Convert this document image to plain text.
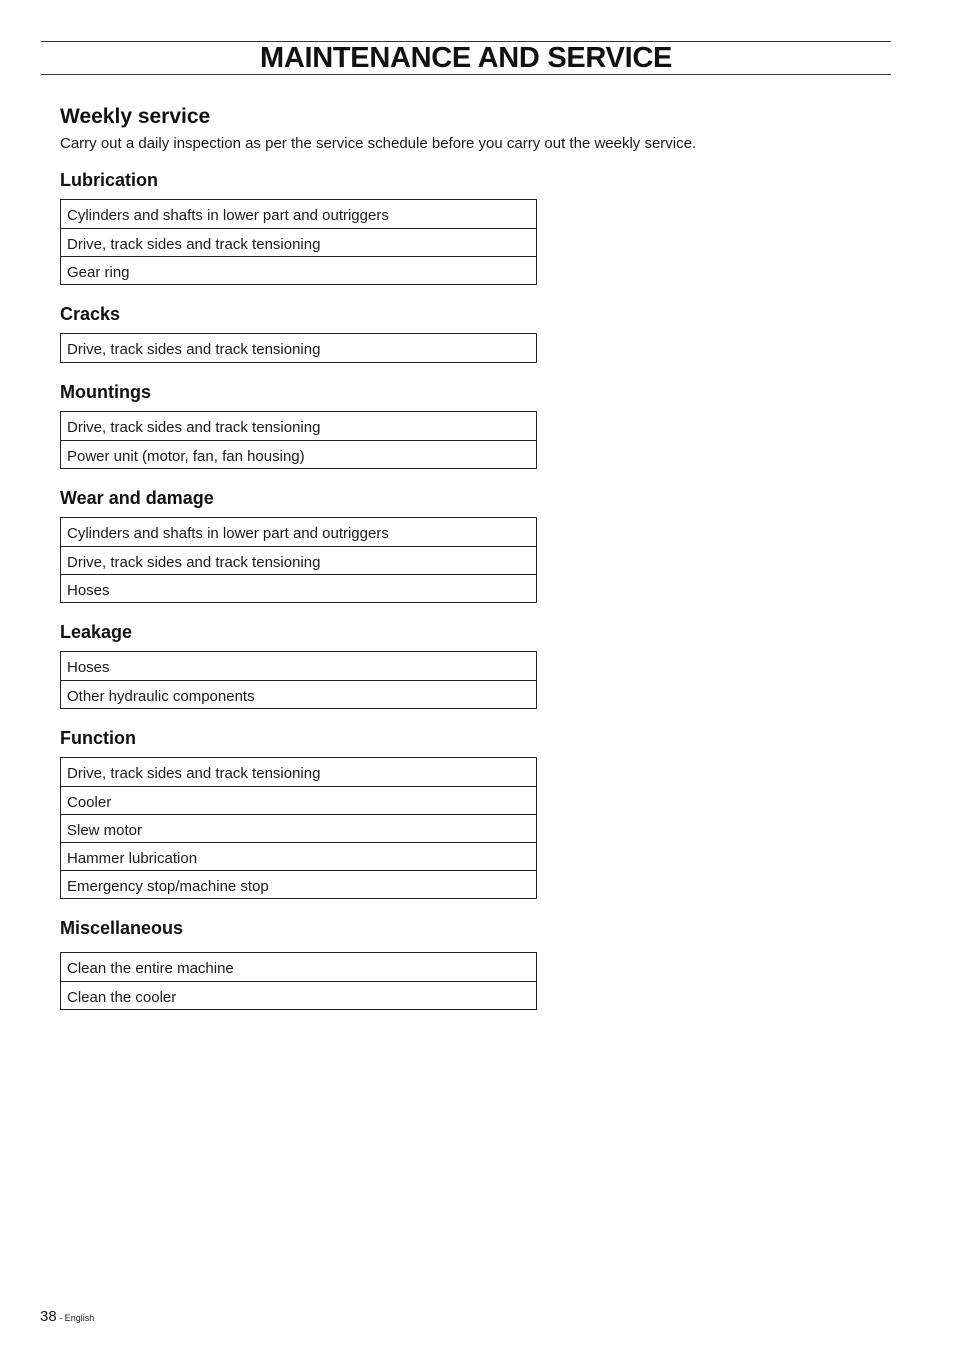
MAINTENANCE AND SERVICE
Weekly service

Carry out a daily inspection as per the service schedule before you carry out the weekly service.

Lubrication
Cylinders and shafts in lower part and outriggers
Drive, track sides and track tensioning
Gear ring
Cracks
Drive, track sides and track tensioning
Mountings
Drive, track sides and track tensioning
Power unit (motor, fan, fan housing)
Wear and damage
Cylinders and shafts in lower part and outriggers
Drive, track sides and track tensioning
Hoses
Leakage
Hoses
Other hydraulic components
Function
Drive, track sides and track tensioning
Cooler
Slew motor
Hammer lubrication
Emergency stop/machine stop
Miscellaneous
Clean the entire machine
Clean the cooler
38 - English
